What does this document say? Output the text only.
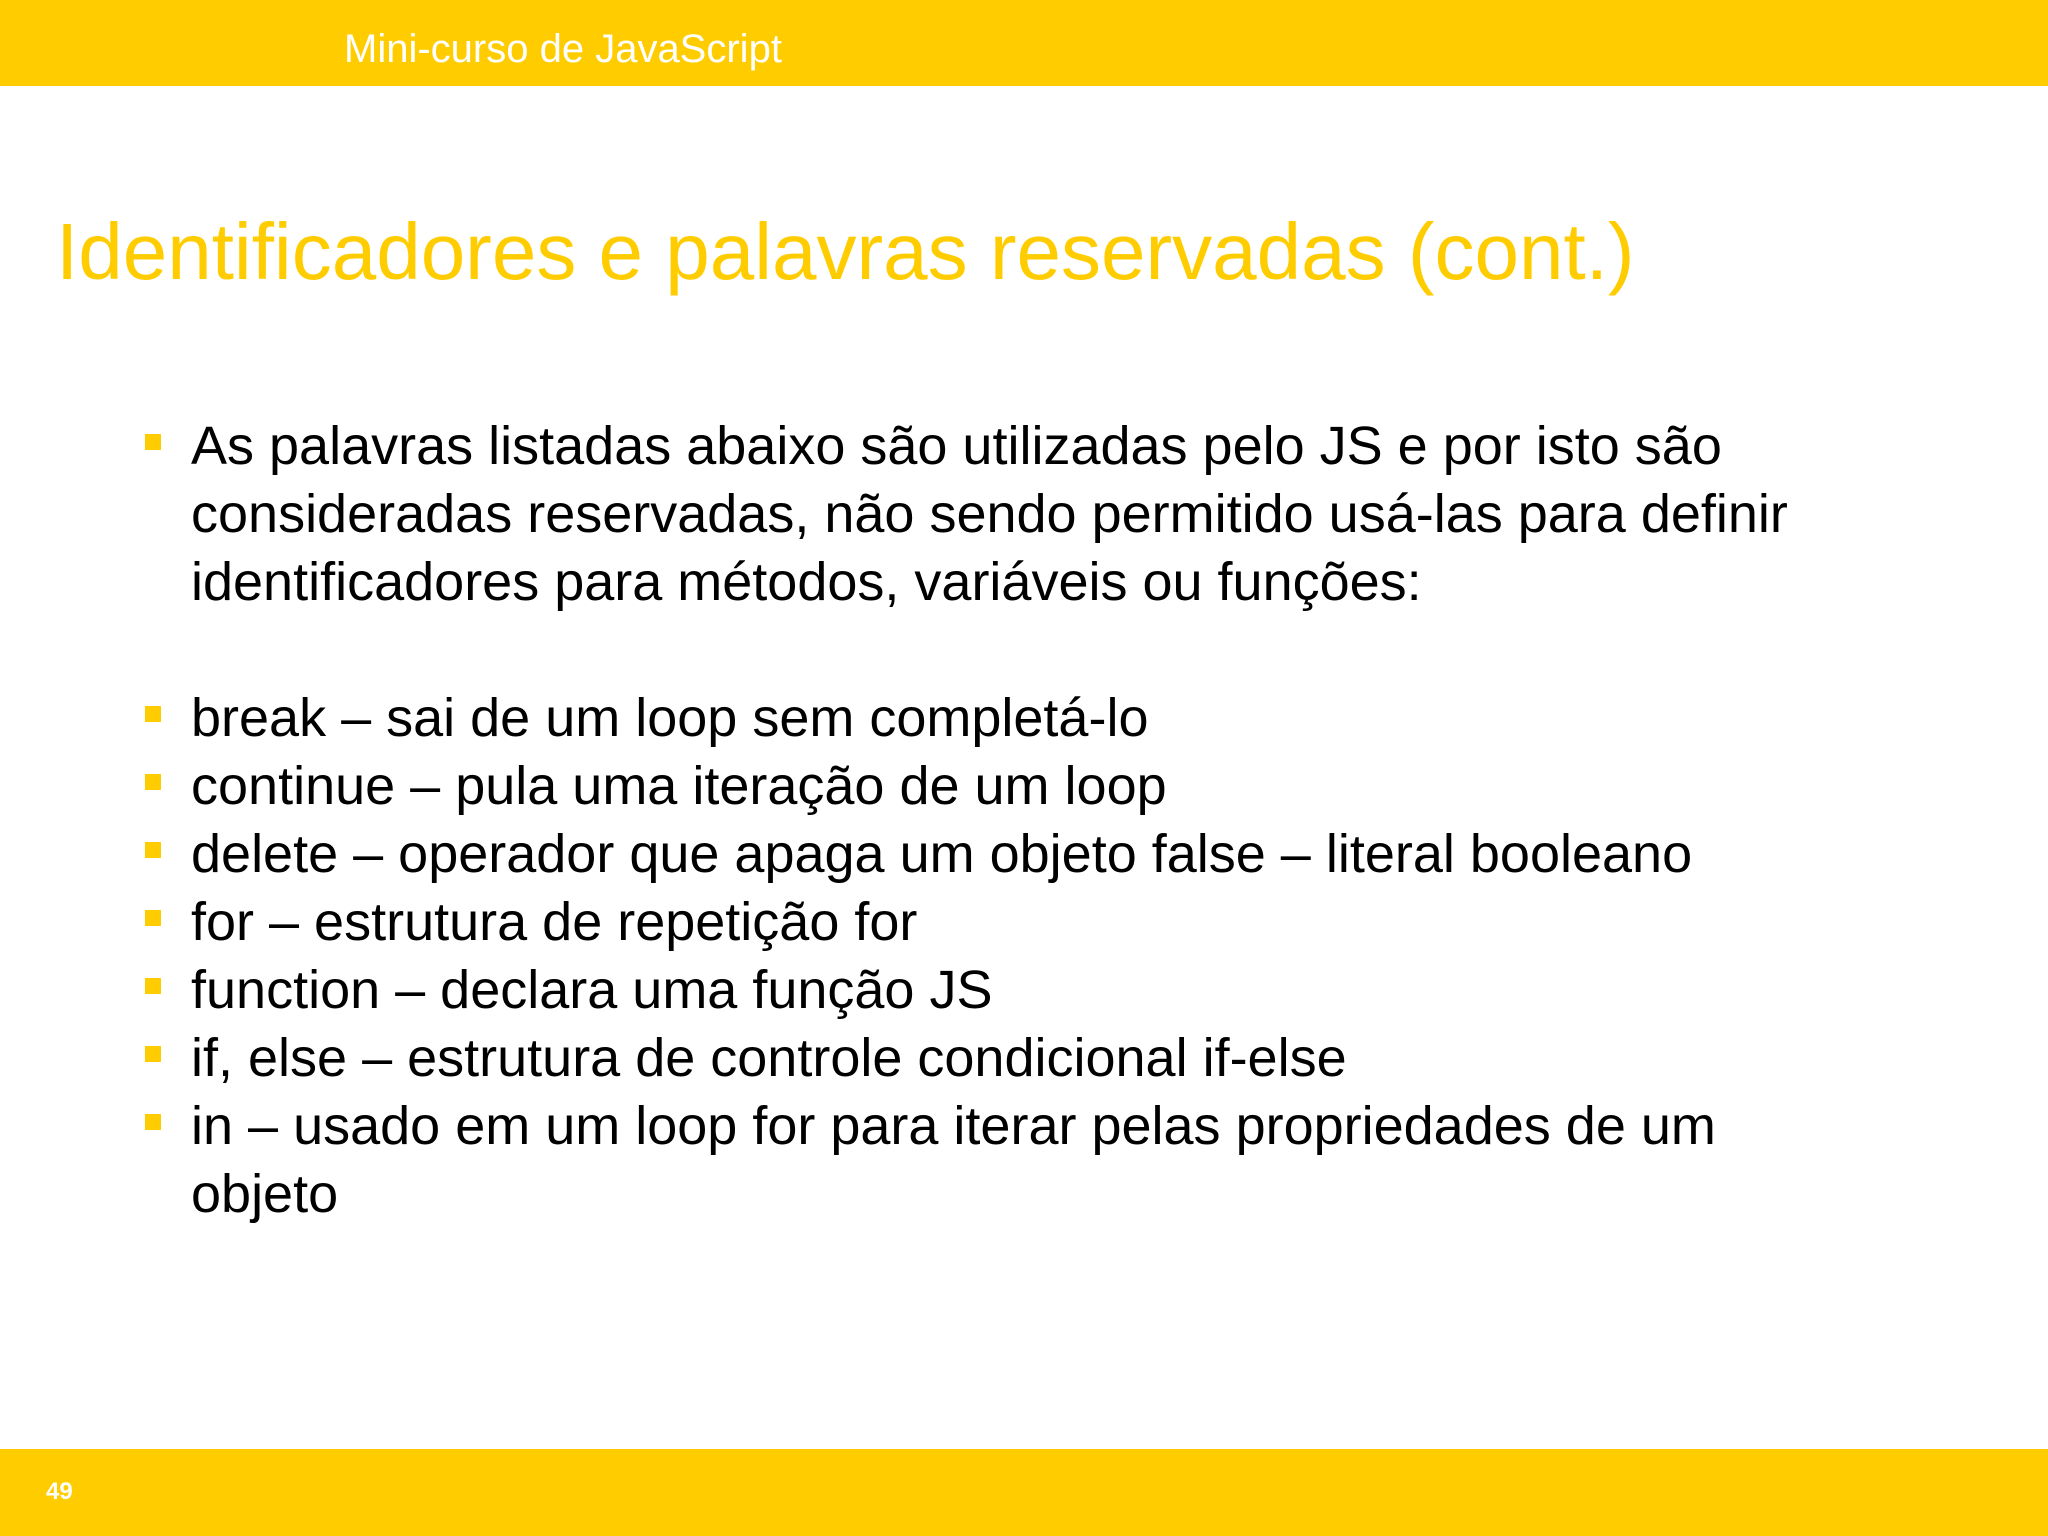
Mini-curso de JavaScript
Identificadores e palavras reservadas (cont.)
As palavras listadas abaixo são utilizadas pelo JS e por isto são consideradas reservadas, não sendo permitido usá-las para definir identificadores para métodos, variáveis ou funções:
break – sai de um loop sem completá-lo
continue – pula uma iteração de um loop
delete – operador que apaga um objeto false – literal booleano
for – estrutura de repetição for
function – declara uma função JS
if, else – estrutura de controle condicional if-else
in – usado em um loop for para iterar pelas propriedades de um objeto
49
